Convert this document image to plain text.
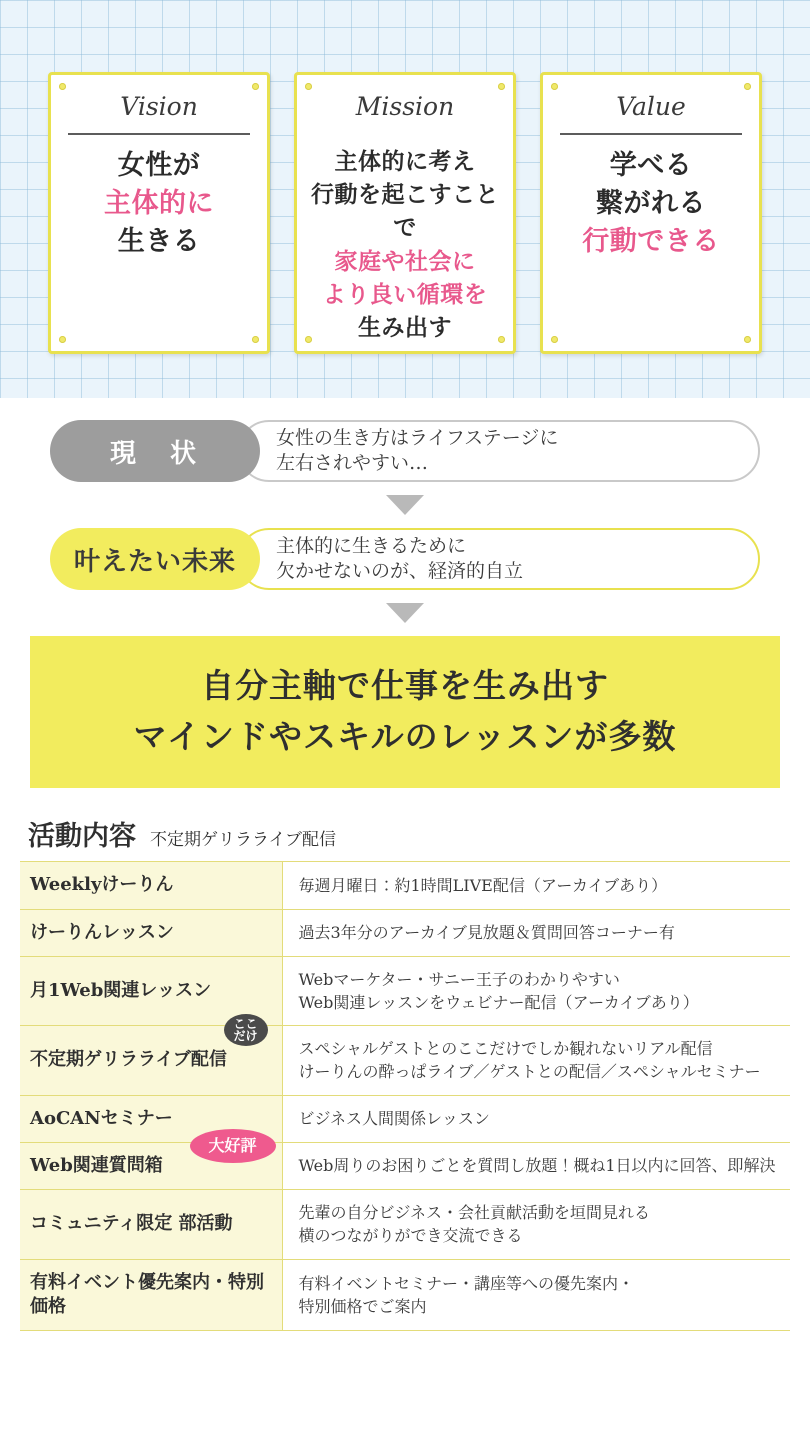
Vision
女性が
主体的に
生きる
Mission
主体的に考え
行動を起こすことで
家庭や社会に
より良い循環を
生み出す
Value
学べる
繋がれる
行動できる
現　状
女性の生き方はライフステージに
左右されやすい…
叶えたい未来
主体的に生きるために
欠かせないのが、経済的自立
自分主軸で仕事を生み出す
マインドやスキルのレッスンが多数
活動内容 不定期ゲリラライブ配信
Weeklyけーりん	毎週月曜日：約1時間LIVE配信（アーカイブあり）

けーりんレッスン	過去3年分のアーカイブ見放題＆質問回答コーナー有

月1Web関連レッスン	Webマーケター・サニー王子のわかりやすい
Web関連レッスンをウェビナー配信（アーカイブあり）

ここ
だけ
不定期ゲリラライブ配信	スペシャルゲストとのここだけでしか観れないリアル配信
けーりんの酔っぱライブ／ゲストとの配信／スペシャルセミナー

AoCANセミナー	ビジネス人間関係レッスン

大好評
Web関連質問箱	Web周りのお困りごとを質問し放題！概ね1日以内に回答、即解決

コミュニティ限定 部活動	先輩の自分ビジネス・会社貢献活動を垣間見れる
横のつながりができ交流できる

有料イベント優先案内・特別価格	有料イベントセミナー・講座等への優先案内・
特別価格でご案内
